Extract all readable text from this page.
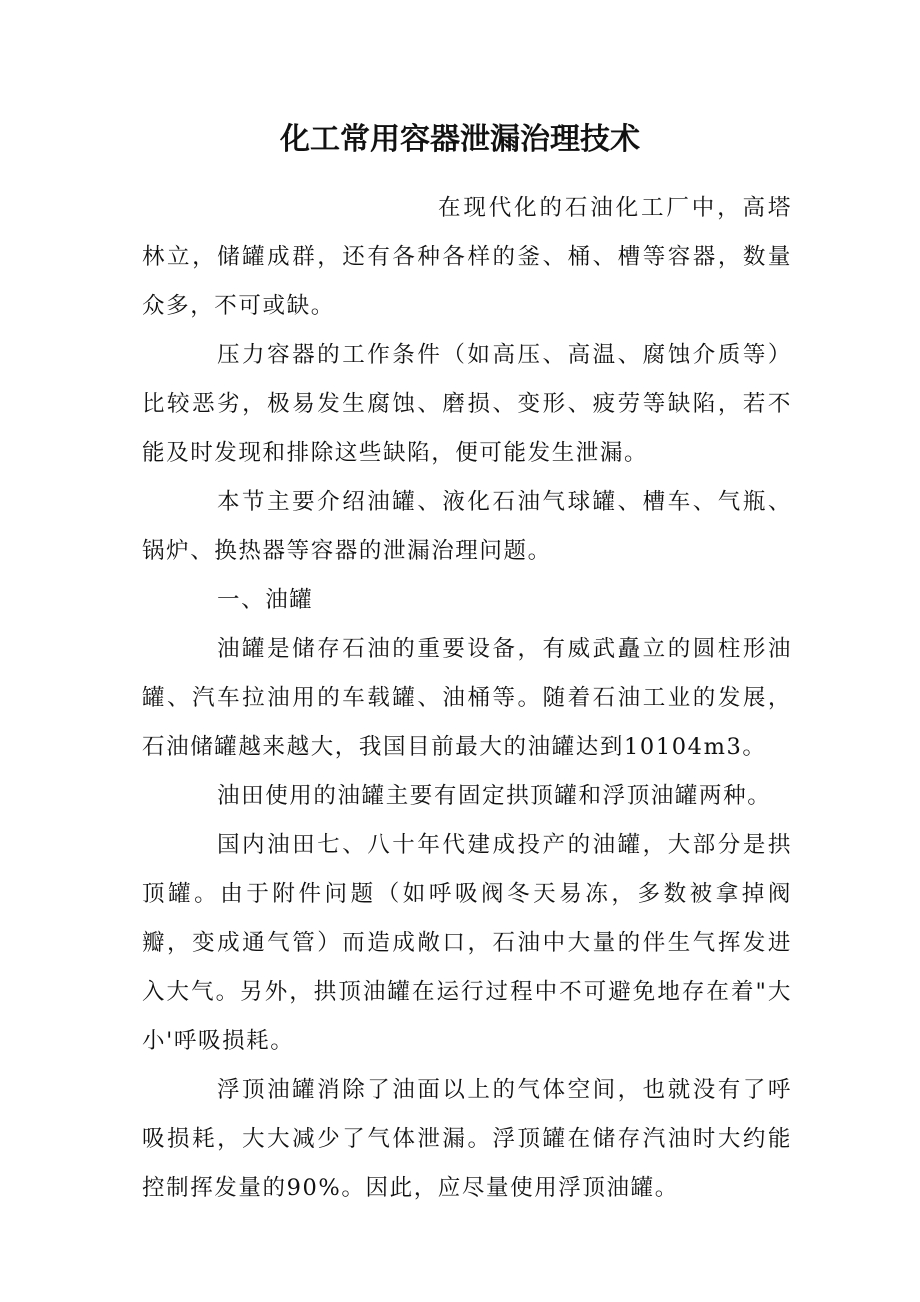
化工常用容器泄漏治理技术

在现代化的石油化工厂中，高塔林立，储罐成群，还有各种各样的釜、桶、槽等容器，数量众多，不可或缺。

压力容器的工作条件（如高压、高温、腐蚀介质等）比较恶劣，极易发生腐蚀、磨损、变形、疲劳等缺陷，若不能及时发现和排除这些缺陷，便可能发生泄漏。

本节主要介绍油罐、液化石油气球罐、槽车、气瓶、锅炉、换热器等容器的泄漏治理问题。

一、油罐

油罐是储存石油的重要设备，有威武矗立的圆柱形油罐、汽车拉油用的车载罐、油桶等。随着石油工业的发展，石油储罐越来越大，我国目前最大的油罐达到10104m3。

油田使用的油罐主要有固定拱顶罐和浮顶油罐两种。

国内油田七、八十年代建成投产的油罐，大部分是拱顶罐。由于附件问题（如呼吸阀冬天易冻，多数被拿掉阀瓣，变成通气管）而造成敞口，石油中大量的伴生气挥发进入大气。另外，拱顶油罐在运行过程中不可避免地存在着"大小'呼吸损耗。

浮顶油罐消除了油面以上的气体空间，也就没有了呼吸损耗，大大减少了气体泄漏。浮顶罐在储存汽油时大约能控制挥发量的90%。因此，应尽量使用浮顶油罐。
